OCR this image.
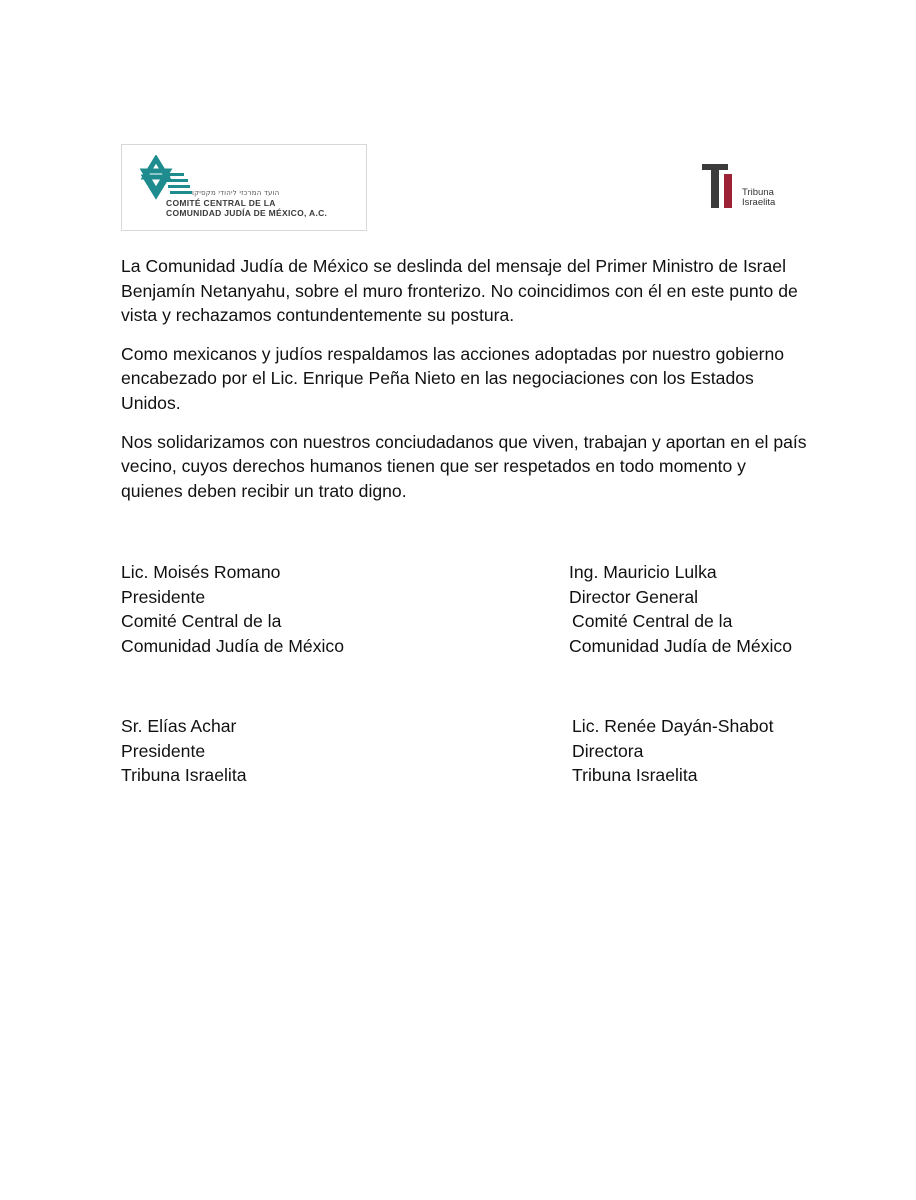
הועד המרכזי ליהודי מקסיקו
COMITÉ CENTRAL DE LA
COMUNIDAD JUDÍA DE MÉXICO, A.C.
Tribuna
Israelita

La Comunidad Judía de México se deslinda del mensaje del Primer Ministro de Israel Benjamín Netanyahu, sobre el muro fronterizo. No coincidimos con él en este punto de vista y rechazamos contundentemente su postura.

Como mexicanos y judíos respaldamos las acciones adoptadas por nuestro gobierno encabezado por el Lic. Enrique Peña Nieto en las negociaciones con los Estados Unidos.

Nos solidarizamos con nuestros conciudadanos que viven, trabajan y aportan en el país vecino, cuyos derechos humanos tienen que ser respetados en todo momento y quienes deben recibir un trato digno.

Lic. Moisés Romano
Presidente
Comité Central de la
Comunidad Judía de México
Ing. Mauricio Lulka
Director General
Comité Central de la
Comunidad Judía de México
Sr. Elías Achar
Presidente
Tribuna Israelita
Lic. Renée Dayán-Shabot
Directora
Tribuna Israelita
